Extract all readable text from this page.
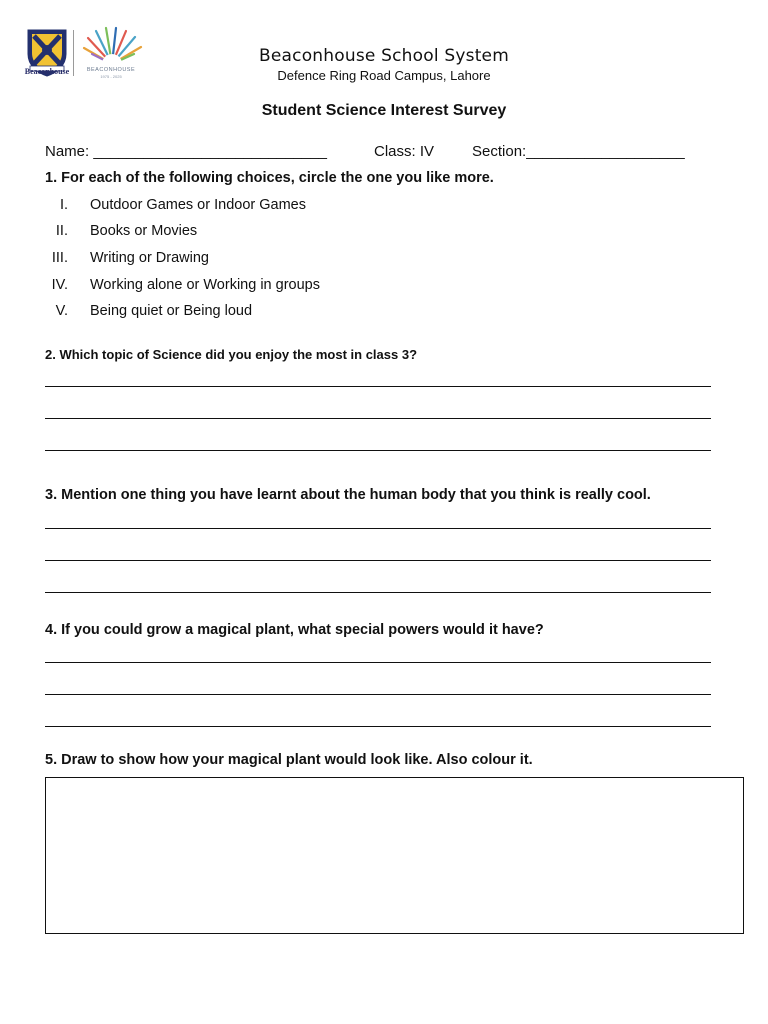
Beaconhouse	BEACONHOUSE
1975 - 2025
Beaconhouse School System
Defence Ring Road Campus, Lahore
Student Science Interest Survey
Name: ____________________________	Class: IV	Section:___________________
1. For each of the following choices, circle the one you like more.
I. Outdoor Games or Indoor Games
II. Books or Movies
III. Writing or Drawing
IV. Working alone or Working in groups
V. Being quiet or Being loud
2. Which topic of Science did you enjoy the most in class 3?
3. Mention one thing you have learnt about the human body that you think is really cool.
4. If you could grow a magical plant, what special powers would it have?
5. Draw to show how your magical plant would look like. Also colour it.
